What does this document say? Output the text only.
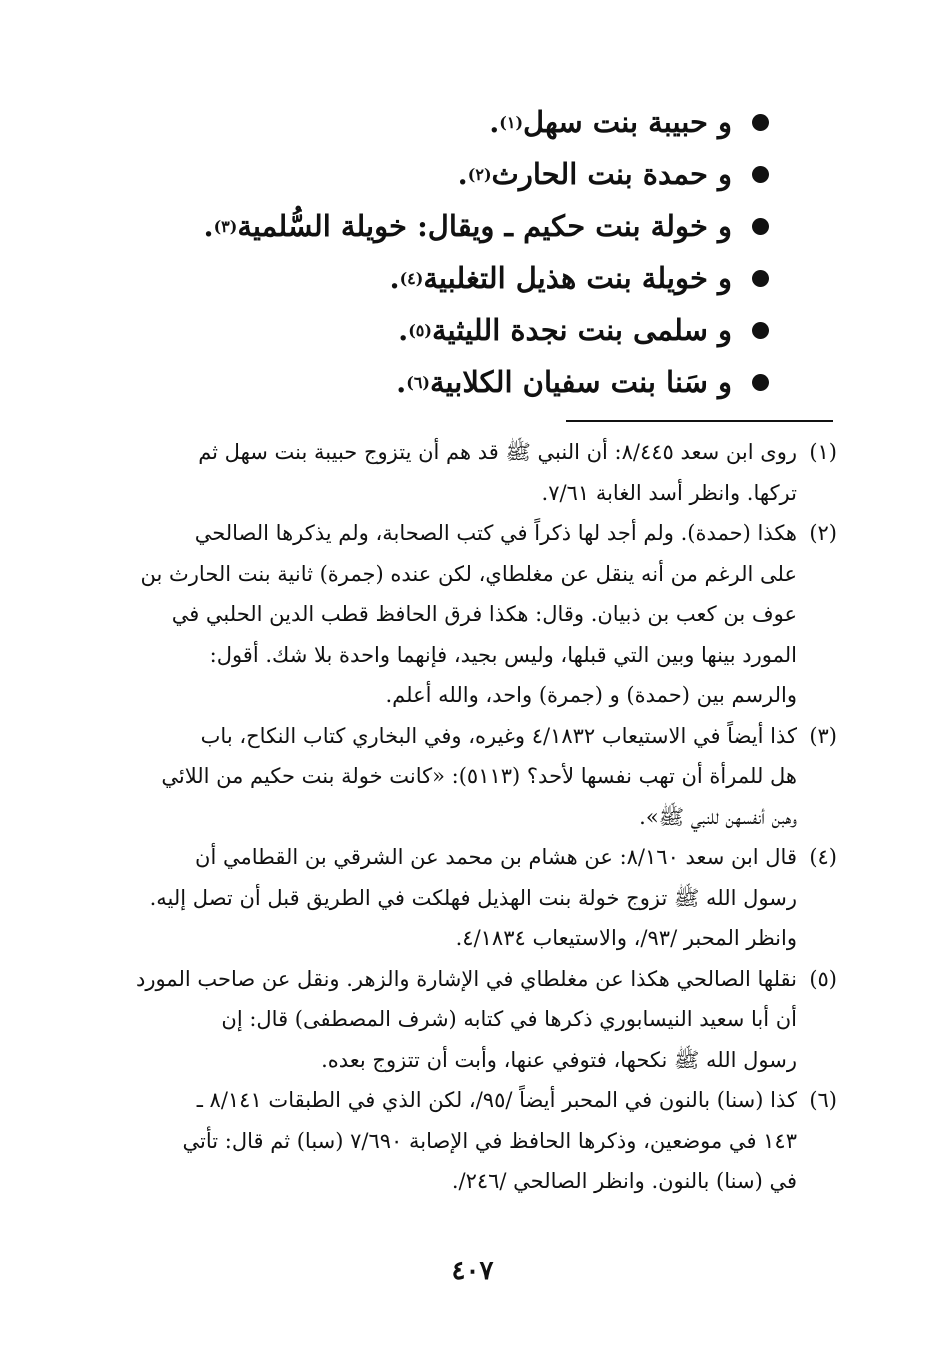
و حبيبة بنت سهل
(١)
.
و حمدة بنت الحارث
(٢)
.
و خولة بنت حكيم ـ ويقال: خويلة السُّلمية
(٣)
.
و خويلة بنت هذيل التغلبية
(٤)
.
و سلمى بنت نجدة الليثية
(٥)
.
و سَنا بنت سفيان الكلابية
(٦)
.
(١)
روى ابن سعد ٨/٤٤٥: أن النبي ﷺ قد هم أن يتزوج حبيبة بنت سهل ثم
تركها. وانظر أسد الغابة ٧/٦١.
(٢)
هكذا (حمدة). ولم أجد لها ذكراً في كتب الصحابة، ولم يذكرها الصالحي
على الرغم من أنه ينقل عن مغلطاي، لكن عنده (جمرة) ثانية بنت الحارث بن
عوف بن كعب بن ذبيان. وقال: هكذا فرق الحافظ قطب الدين الحلبي في
المورد بينها وبين التي قبلها، وليس بجيد، فإنهما واحدة بلا شك. أقول:
والرسم بين (حمدة) و (جمرة) واحد، والله أعلم.
(٣)
كذا أيضاً في الاستيعاب ٤/١٨٣٢ وغيره، وفي البخاري كتاب النكاح، باب
هل للمرأة أن تهب نفسها لأحد؟ (٥١١٣): «كانت خولة بنت حكيم من اللائي
وهبن أنفسهن للنبي ﷺ».
(٤)
قال ابن سعد ٨/١٦٠: عن هشام بن محمد عن الشرقي بن القطامي أن
رسول الله ﷺ تزوج خولة بنت الهذيل فهلكت في الطريق قبل أن تصل إليه.
وانظر المحبر /٩٣/، والاستيعاب ٤/١٨٣٤.
(٥)
نقلها الصالحي هكذا عن مغلطاي في الإشارة والزهر. ونقل عن صاحب المورد
أن أبا سعيد النيسابوري ذكرها في كتابه (شرف المصطفى) قال: إن
رسول الله ﷺ نكحها، فتوفي عنها، وأبت أن تتزوج بعده.
(٦)
كذا (سنا) بالنون في المحبر أيضاً /٩٥/، لكن الذي في الطبقات ٨/١٤١ ـ
١٤٣ في موضعين، وذكرها الحافظ في الإصابة ٧/٦٩٠ (سبا) ثم قال: تأتي
في (سنا) بالنون. وانظر الصالحي /٢٤٦/.
٤٠٧
